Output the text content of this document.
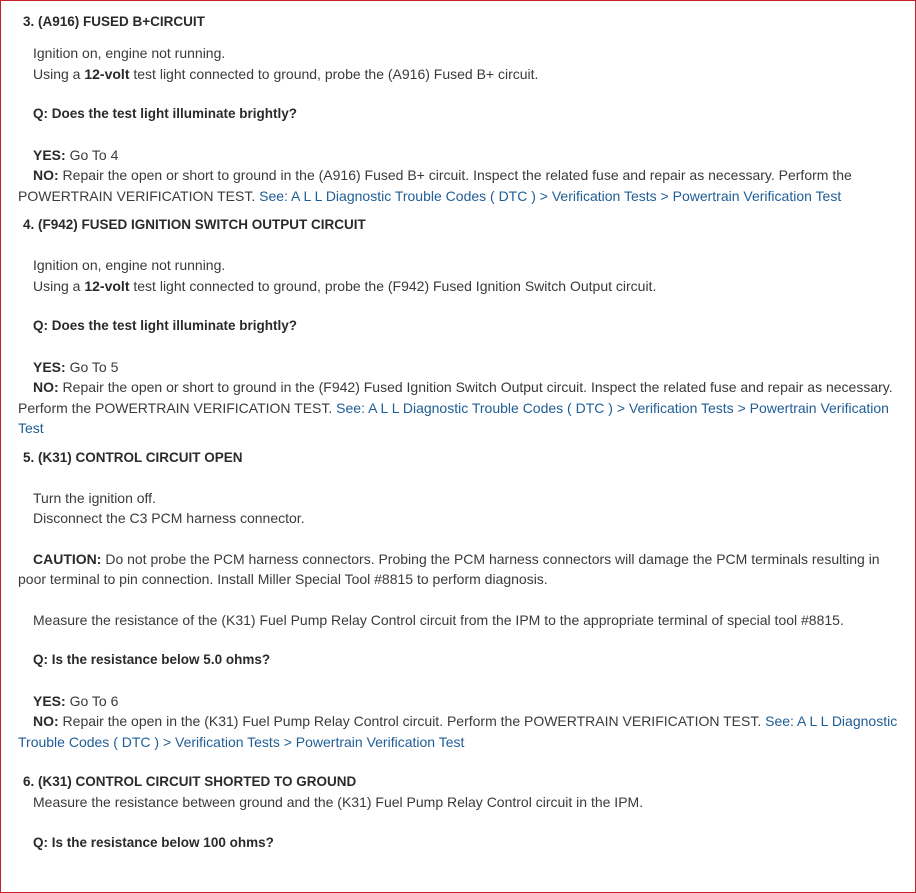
3. (A916) FUSED B+CIRCUIT
Ignition on, engine not running.
Using a 12-volt test light connected to ground, probe the (A916) Fused B+ circuit.
Q: Does the test light illuminate brightly?
YES: Go To 4
NO: Repair the open or short to ground in the (A916) Fused B+ circuit. Inspect the related fuse and repair as necessary. Perform the POWERTRAIN VERIFICATION TEST. See: A L L Diagnostic Trouble Codes ( DTC ) > Verification Tests > Powertrain Verification Test
4. (F942) FUSED IGNITION SWITCH OUTPUT CIRCUIT
Ignition on, engine not running.
Using a 12-volt test light connected to ground, probe the (F942) Fused Ignition Switch Output circuit.
Q: Does the test light illuminate brightly?
YES: Go To 5
NO: Repair the open or short to ground in the (F942) Fused Ignition Switch Output circuit. Inspect the related fuse and repair as necessary. Perform the POWERTRAIN VERIFICATION TEST. See: A L L Diagnostic Trouble Codes ( DTC ) > Verification Tests > Powertrain Verification Test
5. (K31) CONTROL CIRCUIT OPEN
Turn the ignition off.
Disconnect the C3 PCM harness connector.
CAUTION: Do not probe the PCM harness connectors. Probing the PCM harness connectors will damage the PCM terminals resulting in poor terminal to pin connection. Install Miller Special Tool #8815 to perform diagnosis.
Measure the resistance of the (K31) Fuel Pump Relay Control circuit from the IPM to the appropriate terminal of special tool #8815.
Q: Is the resistance below 5.0 ohms?
YES: Go To 6
NO: Repair the open in the (K31) Fuel Pump Relay Control circuit. Perform the POWERTRAIN VERIFICATION TEST. See: A L L Diagnostic Trouble Codes ( DTC ) > Verification Tests > Powertrain Verification Test
6. (K31) CONTROL CIRCUIT SHORTED TO GROUND
Measure the resistance between ground and the (K31) Fuel Pump Relay Control circuit in the IPM.
Q: Is the resistance below 100 ohms?
